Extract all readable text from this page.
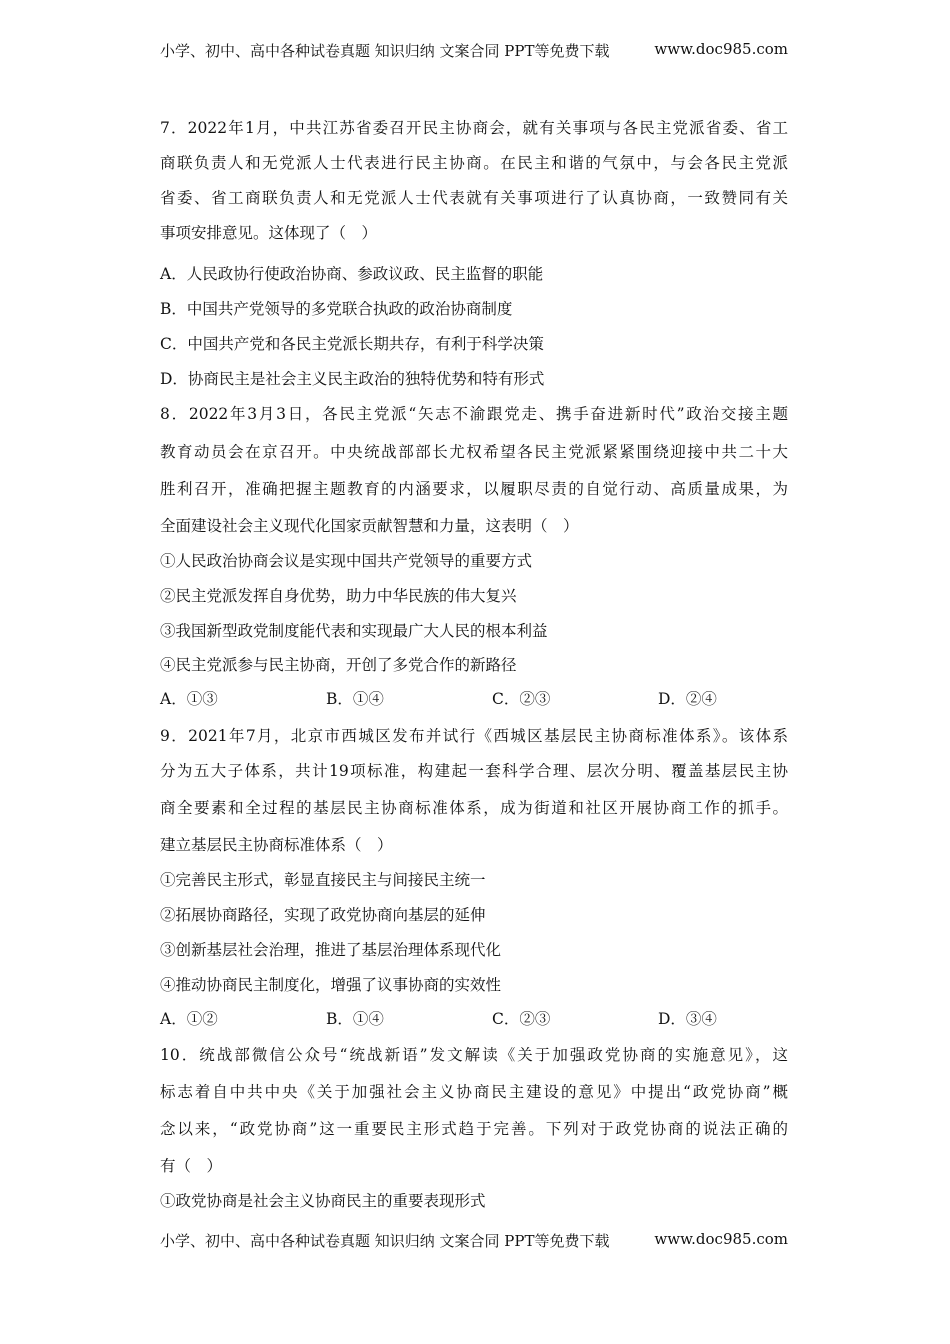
小学、初中、高中各种试卷真题 知识归纳 文案合同 PPT等免费下载	www.doc985.com
7．2022年1月，中共江苏省委召开民主协商会，就有关事项与各民主党派省委、省工
商联负责人和无党派人士代表进行民主协商。在民主和谐的气氛中，与会各民主党派
省委、省工商联负责人和无党派人士代表就有关事项进行了认真协商，一致赞同有关
事项安排意见。这体现了（　）
A．人民政协行使政治协商、参政议政、民主监督的职能
B．中国共产党领导的多党联合执政的政治协商制度
C．中国共产党和各民主党派长期共存，有利于科学决策
D．协商民主是社会主义民主政治的独特优势和特有形式
8．2022年3月3日，各民主党派“矢志不渝跟党走、携手奋进新时代”政治交接主题
教育动员会在京召开。中央统战部部长尤权希望各民主党派紧紧围绕迎接中共二十大
胜利召开，准确把握主题教育的内涵要求，以履职尽责的自觉行动、高质量成果，为
全面建设社会主义现代化国家贡献智慧和力量，这表明（　）
①人民政治协商会议是实现中国共产党领导的重要方式
②民主党派发挥自身优势，助力中华民族的伟大复兴
③我国新型政党制度能代表和实现最广大人民的根本利益
④民主党派参与民主协商，开创了多党合作的新路径
A．①③	B．①④	C．②③	D．②④
9．2021年7月，北京市西城区发布并试行《西城区基层民主协商标准体系》。该体系
分为五大子体系，共计19项标准，构建起一套科学合理、层次分明、覆盖基层民主协
商全要素和全过程的基层民主协商标准体系，成为街道和社区开展协商工作的抓手。
建立基层民主协商标准体系（　）
①完善民主形式，彰显直接民主与间接民主统一
②拓展协商路径，实现了政党协商向基层的延伸
③创新基层社会治理，推进了基层治理体系现代化
④推动协商民主制度化，增强了议事协商的实效性
A．①②	B．①④	C．②③	D．③④
10．统战部微信公众号“统战新语”发文解读《关于加强政党协商的实施意见》，这
标志着自中共中央《关于加强社会主义协商民主建设的意见》中提出“政党协商”概
念以来，“政党协商”这一重要民主形式趋于完善。下列对于政党协商的说法正确的
有（　）
①政党协商是社会主义协商民主的重要表现形式
小学、初中、高中各种试卷真题 知识归纳 文案合同 PPT等免费下载	www.doc985.com
